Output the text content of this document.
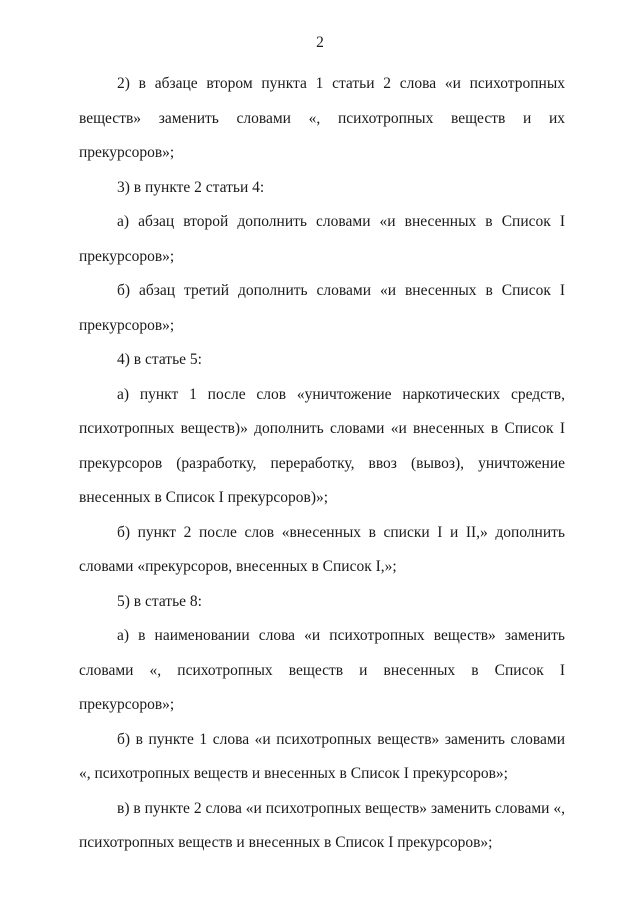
2

2) в абзаце втором пункта 1 статьи 2 слова «и психотропных веществ» заменить словами «, психотропных веществ и их прекурсоров»;

3) в пункте 2 статьи 4:

а) абзац второй дополнить словами «и внесенных в Список I прекурсоров»;

б) абзац третий дополнить словами «и внесенных в Список I прекурсоров»;

4) в статье 5:

а) пункт 1 после слов «уничтожение наркотических средств, психотропных веществ)» дополнить словами «и внесенных в Список I прекурсоров (разработку, переработку, ввоз (вывоз), уничтожение внесенных в Список I прекурсоров)»;

б) пункт 2 после слов «внесенных в списки I и II,» дополнить словами «прекурсоров, внесенных в Список I,»;

5) в статье 8:

а) в наименовании слова «и психотропных веществ» заменить словами «, психотропных веществ и внесенных в Список I прекурсоров»;

б) в пункте 1 слова «и психотропных веществ» заменить словами «, психотропных веществ и внесенных в Список I прекурсоров»;

в) в пункте 2 слова «и психотропных веществ» заменить словами «, психотропных веществ и внесенных в Список I прекурсоров»;
